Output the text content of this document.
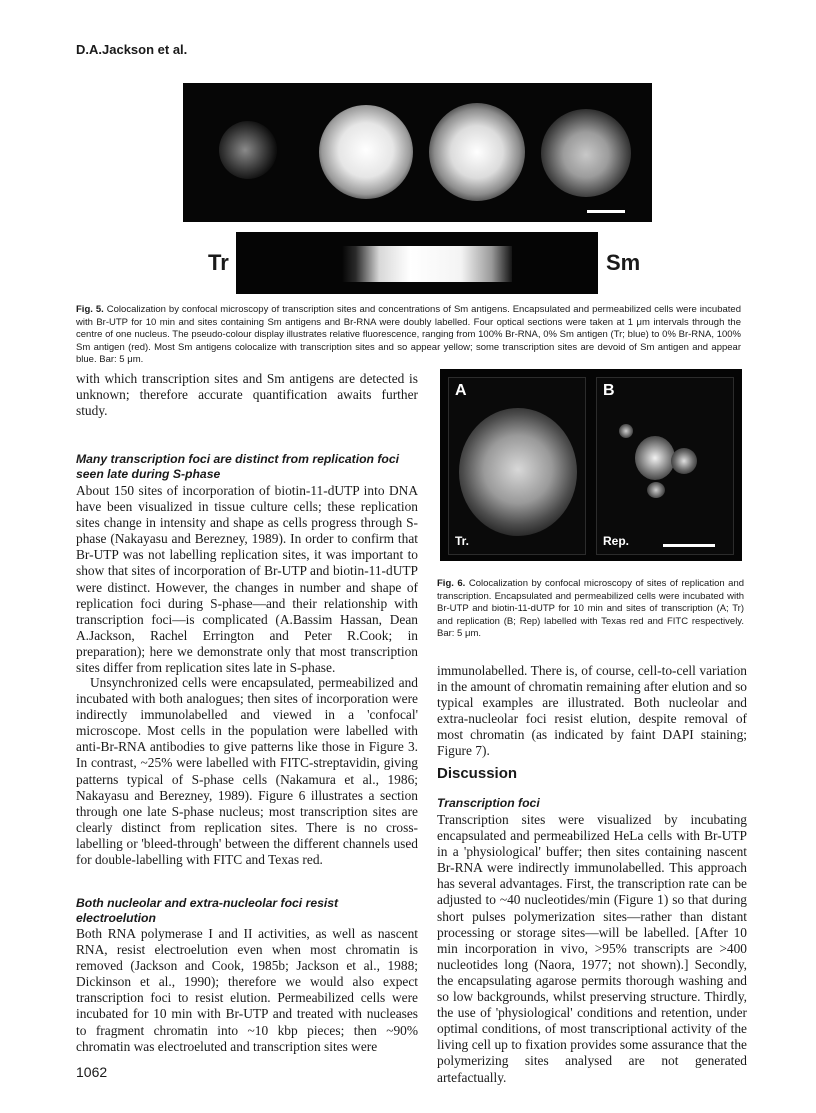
D.A.Jackson et al.
Tr	Sm
Fig. 5. Colocalization by confocal microscopy of transcription sites and concentrations of Sm antigens. Encapsulated and permeabilized cells were incubated with Br-UTP for 10 min and sites containing Sm antigens and Br-RNA were doubly labelled. Four optical sections were taken at 1 μm intervals through the centre of one nucleus. The pseudo-colour display illustrates relative fluorescence, ranging from 100% Br-RNA, 0% Sm antigen (Tr; blue) to 0% Br-RNA, 100% Sm antigen (red). Most Sm antigens colocalize with transcription sites and so appear yellow; some transcription sites are devoid of Sm antigen and appear blue. Bar: 5 μm.
A
Tr.
B
Rep.
Fig. 6. Colocalization by confocal microscopy of sites of replication and transcription. Encapsulated and permeabilized cells were incubated with Br-UTP and biotin-11-dUTP for 10 min and sites of transcription (A; Tr) and replication (B; Rep) labelled with Texas red and FITC respectively. Bar: 5 μm.
with which transcription sites and Sm antigens are detected is unknown; therefore accurate quantification awaits further study.
Many transcription foci are distinct from replication foci seen late during S-phase

About 150 sites of incorporation of biotin-11-dUTP into DNA have been visualized in tissue culture cells; these replication sites change in intensity and shape as cells progress through S-phase (Nakayasu and Berezney, 1989). In order to confirm that Br-UTP was not labelling replication sites, it was important to show that sites of incorporation of Br-UTP and biotin-11-dUTP were distinct. However, the changes in number and shape of replication foci during S-phase—and their relationship with transcription foci—is complicated (A.Bassim Hassan, Dean A.Jackson, Rachel Errington and Peter R.Cook; in preparation); here we demonstrate only that most transcription sites differ from replication sites late in S-phase.

Unsynchronized cells were encapsulated, permeabilized and incubated with both analogues; then sites of incorporation were indirectly immunolabelled and viewed in a 'confocal' microscope. Most cells in the population were labelled with anti-Br-RNA antibodies to give patterns like those in Figure 3. In contrast, ~25% were labelled with FITC-streptavidin, giving patterns typical of S-phase cells (Nakamura et al., 1986; Nakayasu and Berezney, 1989). Figure 6 illustrates a section through one late S-phase nucleus; most transcription sites are clearly distinct from replication sites. There is no cross-labelling or 'bleed-through' between the different channels used for double-labelling with FITC and Texas red.

Both nucleolar and extra-nucleolar foci resist electroelution

Both RNA polymerase I and II activities, as well as nascent RNA, resist electroelution even when most chromatin is removed (Jackson and Cook, 1985b; Jackson et al., 1988; Dickinson et al., 1990); therefore we would also expect transcription foci to resist elution. Permeabilized cells were incubated for 10 min with Br-UTP and treated with nucleases to fragment chromatin into ~10 kbp pieces; then ~90% chromatin was electroeluted and transcription sites were

immunolabelled. There is, of course, cell-to-cell variation in the amount of chromatin remaining after elution and so typical examples are illustrated. Both nucleolar and extra-nucleolar foci resist elution, despite removal of most chromatin (as indicated by faint DAPI staining; Figure 7).

Discussion
Transcription foci

Transcription sites were visualized by incubating encapsulated and permeabilized HeLa cells with Br-UTP in a 'physiological' buffer; then sites containing nascent Br-RNA were indirectly immunolabelled. This approach has several advantages. First, the transcription rate can be adjusted to ~40 nucleotides/min (Figure 1) so that during short pulses polymerization sites—rather than distant processing or storage sites—will be labelled. [After 10 min incorporation in vivo, >95% transcripts are >400 nucleotides long (Naora, 1977; not shown).] Secondly, the encapsulating agarose permits thorough washing and so low backgrounds, whilst preserving structure. Thirdly, the use of 'physiological' conditions and retention, under optimal conditions, of most transcriptional activity of the living cell up to fixation provides some assurance that the polymerizing sites analysed are not generated artefactually.

1062
